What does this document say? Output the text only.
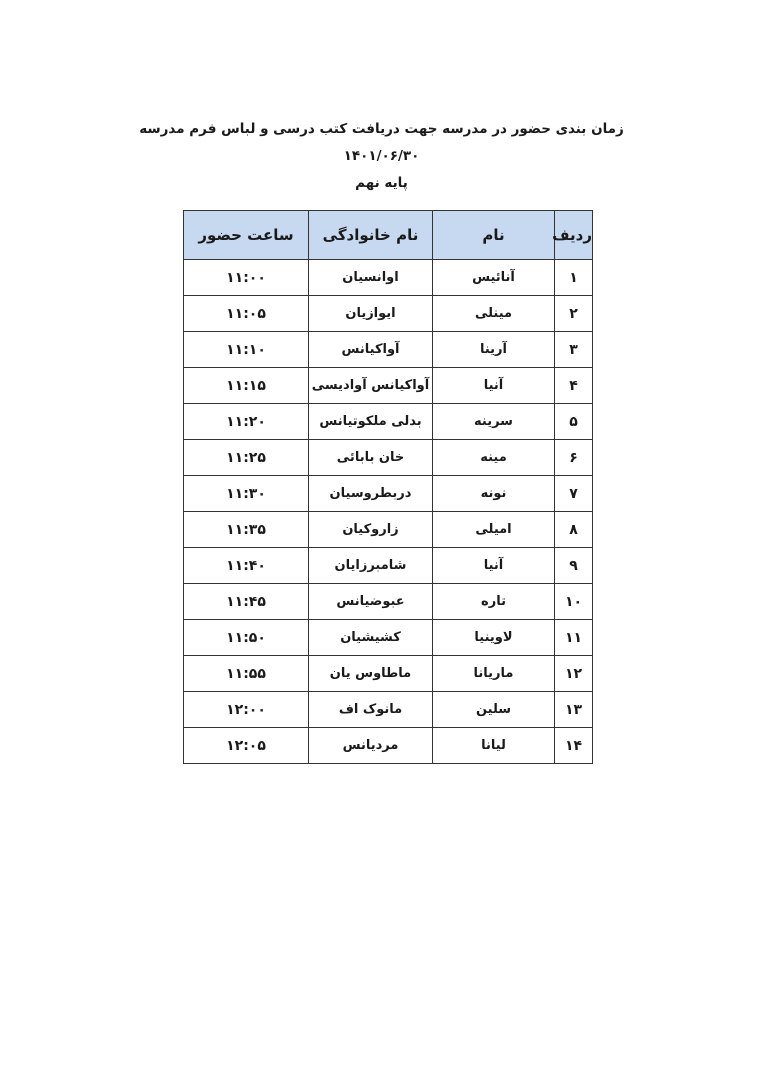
زمان بندی حضور در مدرسه جهت دریافت کتب درسی و لباس فرم مدرسه
۱۴۰۱/۰۶/۳۰
پایه نهم
ردیف	نام	نام خانوادگی	ساعت حضور
۱	آنائیس	اوانسیان	۱۱:۰۰
۲	مینلی	ایوازیان	۱۱:۰۵
۳	آرینا	آواکیانس	۱۱:۱۰
۴	آنیا	آواکیانس آوادیسی	۱۱:۱۵
۵	سرینه	بدلی ملکوتیانس	۱۱:۲۰
۶	مینه	خان بابائی	۱۱:۲۵
۷	نونه	دربطروسیان	۱۱:۳۰
۸	امیلی	زاروکیان	۱۱:۳۵
۹	آنیا	شامبرزایان	۱۱:۴۰
۱۰	تاره	عبوضیانس	۱۱:۴۵
۱۱	لاوینیا	کشیشیان	۱۱:۵۰
۱۲	ماریانا	ماطاوس یان	۱۱:۵۵
۱۳	سلین	مانوک اف	۱۲:۰۰
۱۴	لیانا	مردیانس	۱۲:۰۵
